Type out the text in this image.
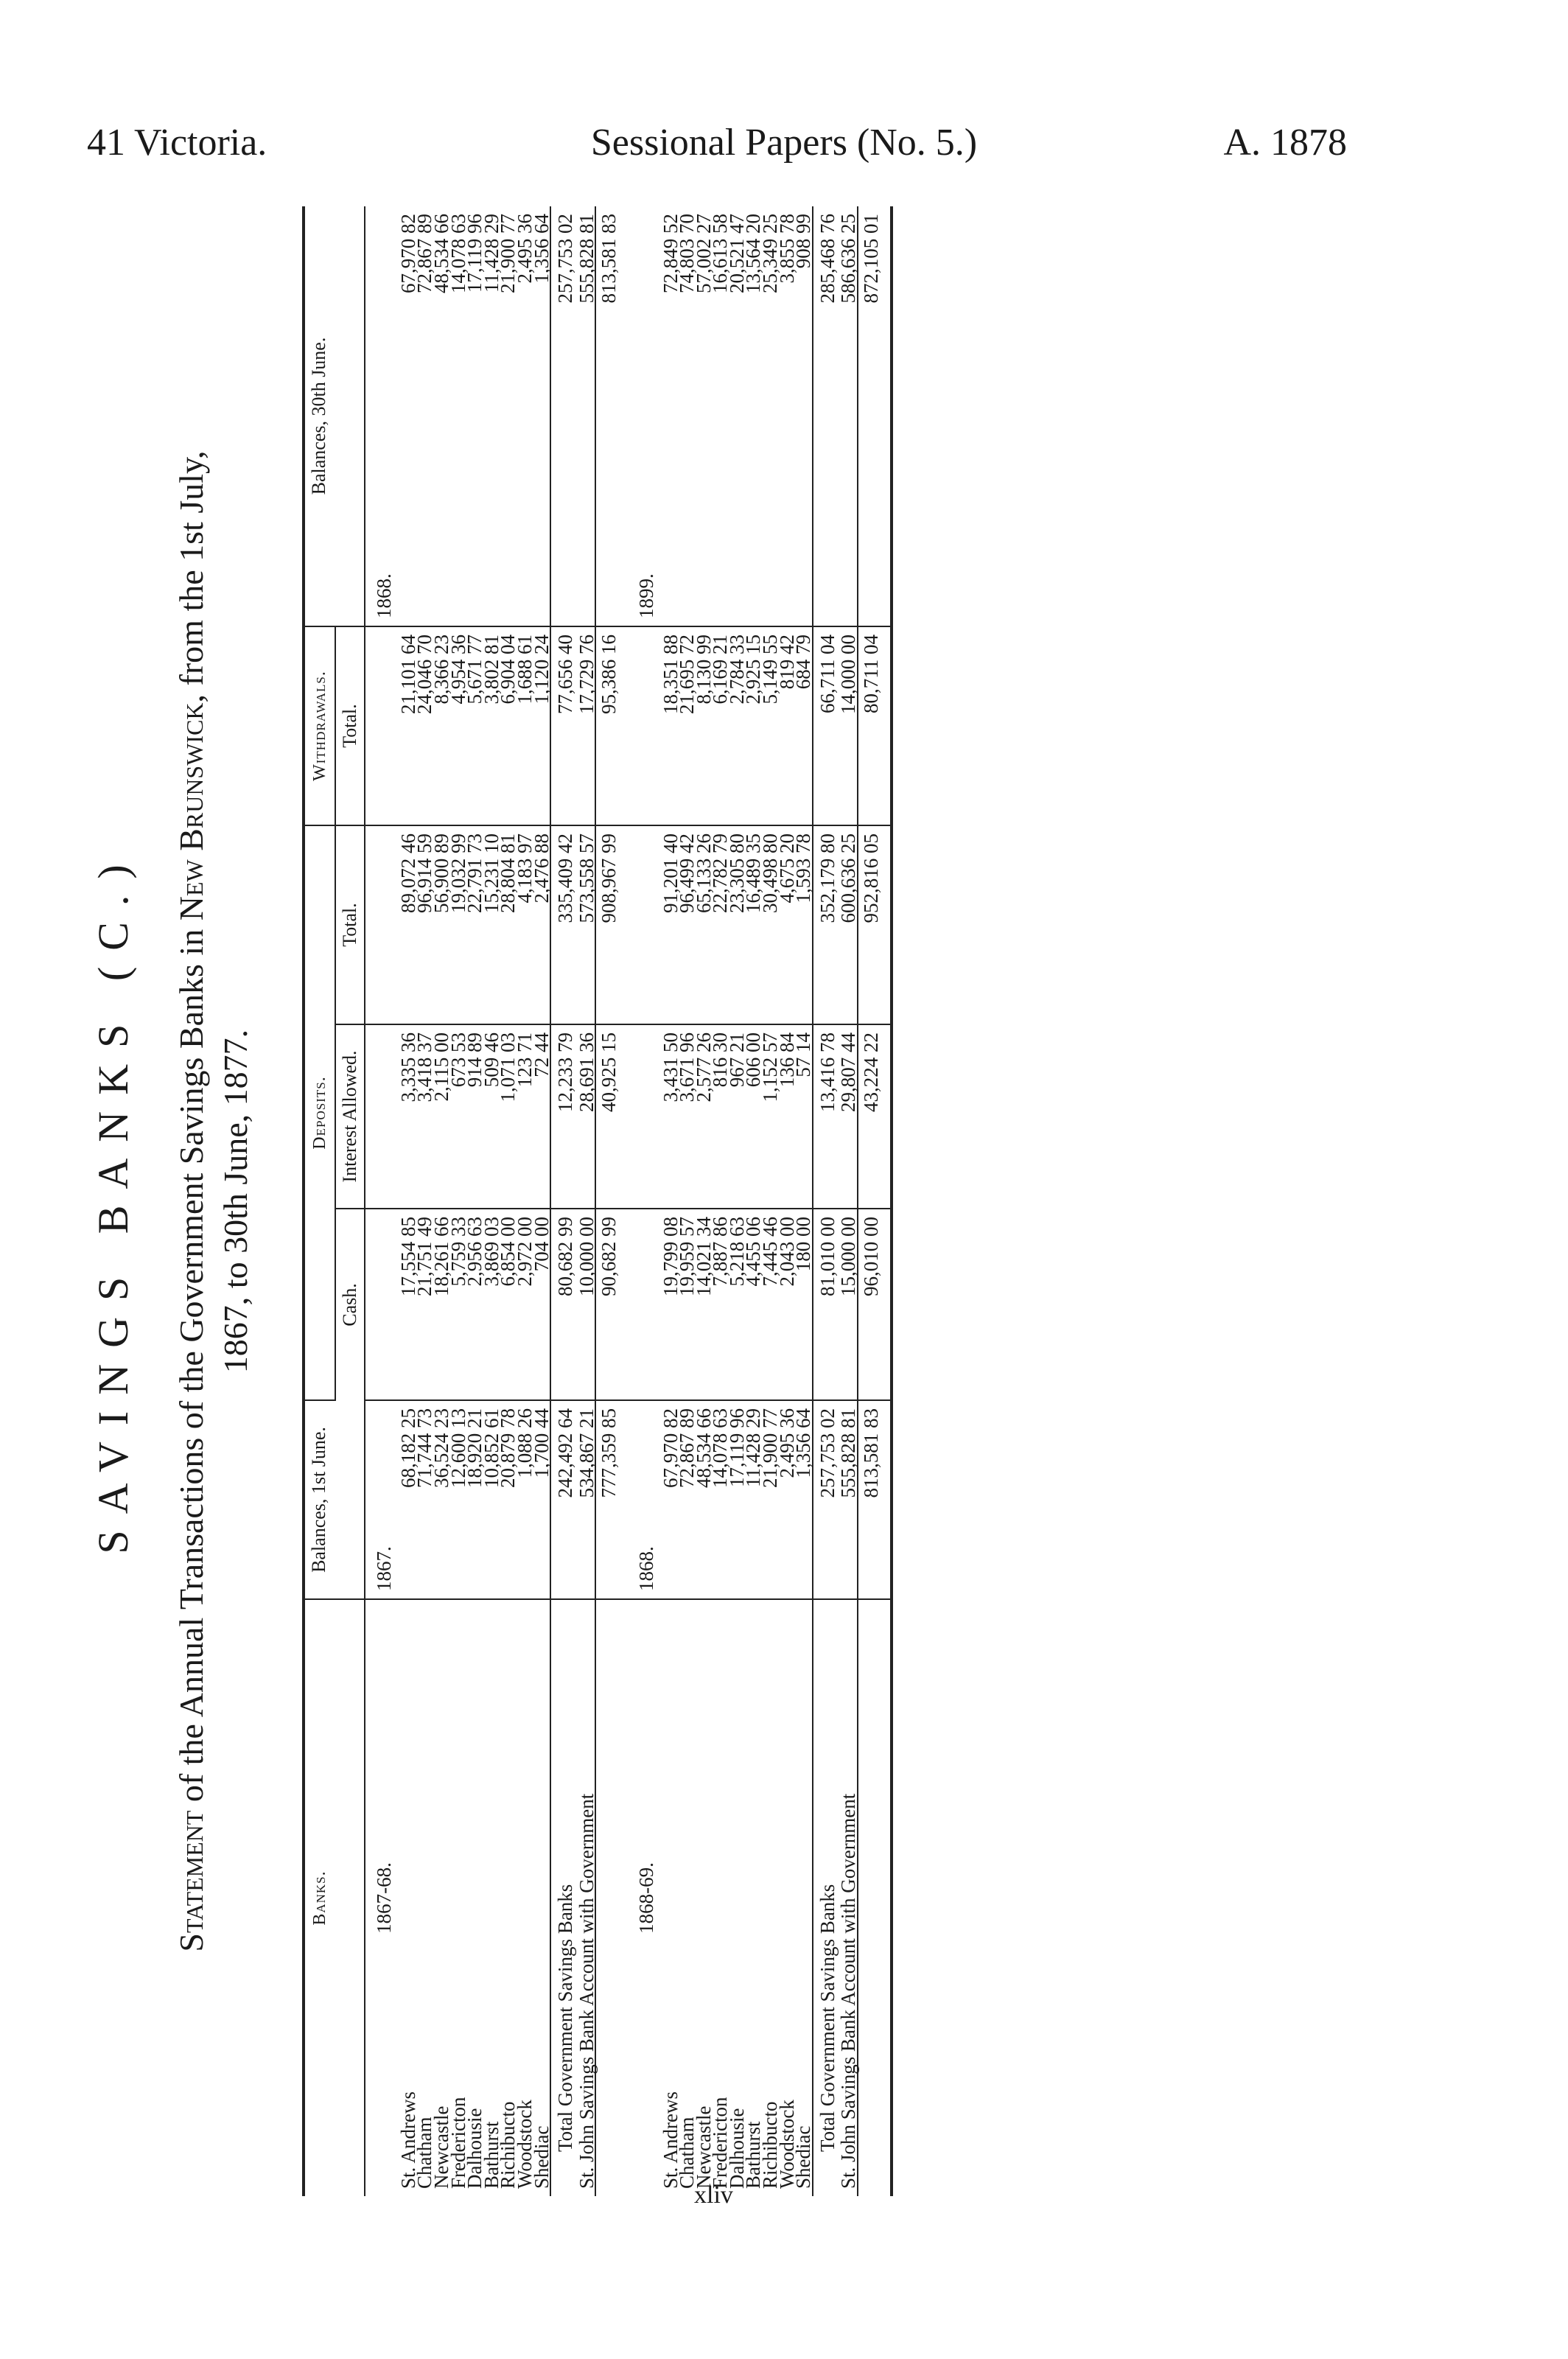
41 Victoria.	Sessional Papers (No. 5.)	A. 1878
SAVINGS BANKS (C.)
Statement of the Annual Transactions of the Government Savings Banks in New Brunswick, from the 1st July,
1867, to 30th June, 1877.
Banks.	Balances, 1st June.	Deposits.			Withdrawals.	Balances, 30th June.
		Cash.	Interest Allowed.	Total.	Total.	
1867-68.	1867.					1868.
St. Andrews	68,182 25	17,554 85	3,335 36	89,072 46	21,101 64	67,970 82
Chatham	71,744 73	21,751 49	3,418 37	96,914 59	24,046 70	72,867 89
Newcastle	36,524 23	18,261 66	2,115 00	56,900 89	8,366 23	48,534 66
Fredericton	12,600 13	5,759 33	673 53	19,032 99	4,954 36	14,078 63
Dalhousie	18,920 21	2,956 63	914 89	22,791 73	5,671 77	17,119 96
Bathurst	10,852 61	3,869 03	509 46	15,231 10	3,802 81	11,428 29
Richibucto	20,879 78	6,854 00	1,071 03	28,804 81	6,904 04	21,900 77
Woodstock	1,088 26	2,972 00	123 71	4,183 97	1,688 61	2,495 36
Shediac	1,700 44	704 00	72 44	2,476 88	1,120 24	1,356 64
Total Government Savings Banks	242,492 64	80,682 99	12,233 79	335,409 42	77,656 40	257,753 02
St. John Savings Bank Account with Government	534,867 21	10,000 00	28,691 36	573,558 57	17,729 76	555,828 81
	777,359 85	90,682 99	40,925 15	908,967 99	95,386 16	813,581 83
1868-69.	1868.					1899.
St. Andrews	67,970 82	19,799 08	3,431 50	91,201 40	18,351 88	72,849 52
Chatham	72,867 89	19,959 57	3,671 96	96,499 42	21,695 72	74,803 70
Newcastle	48,534 66	14,021 34	2,577 26	65,133 26	8,130 99	57,002 27
Fredericton	14,078 63	7,887 86	816 30	22,782 79	6,169 21	16,613 58
Dalhousie	17,119 96	5,218 63	967 21	23,305 80	2,784 33	20,521 47
Bathurst	11,428 29	4,455 06	606 00	16,489 35	2,925 15	13,564 20
Richibucto	21,900 77	7,445 46	1,152 57	30,498 80	5,149 55	25,349 25
Woodstock	2,495 36	2,043 00	136 84	4,675 20	819 42	3,855 78
Shediac	1,356 64	180 00	57 14	1,593 78	684 79	908 99
Total Government Savings Banks	257,753 02	81,010 00	13,416 78	352,179 80	66,711 04	285,468 76
St. John Savings Bank Account with Government	555,828 81	15,000 00	29,807 44	600,636 25	14,000 00	586,636 25
	813,581 83	96,010 00	43,224 22	952,816 05	80,711 04	872,105 01
xliv
